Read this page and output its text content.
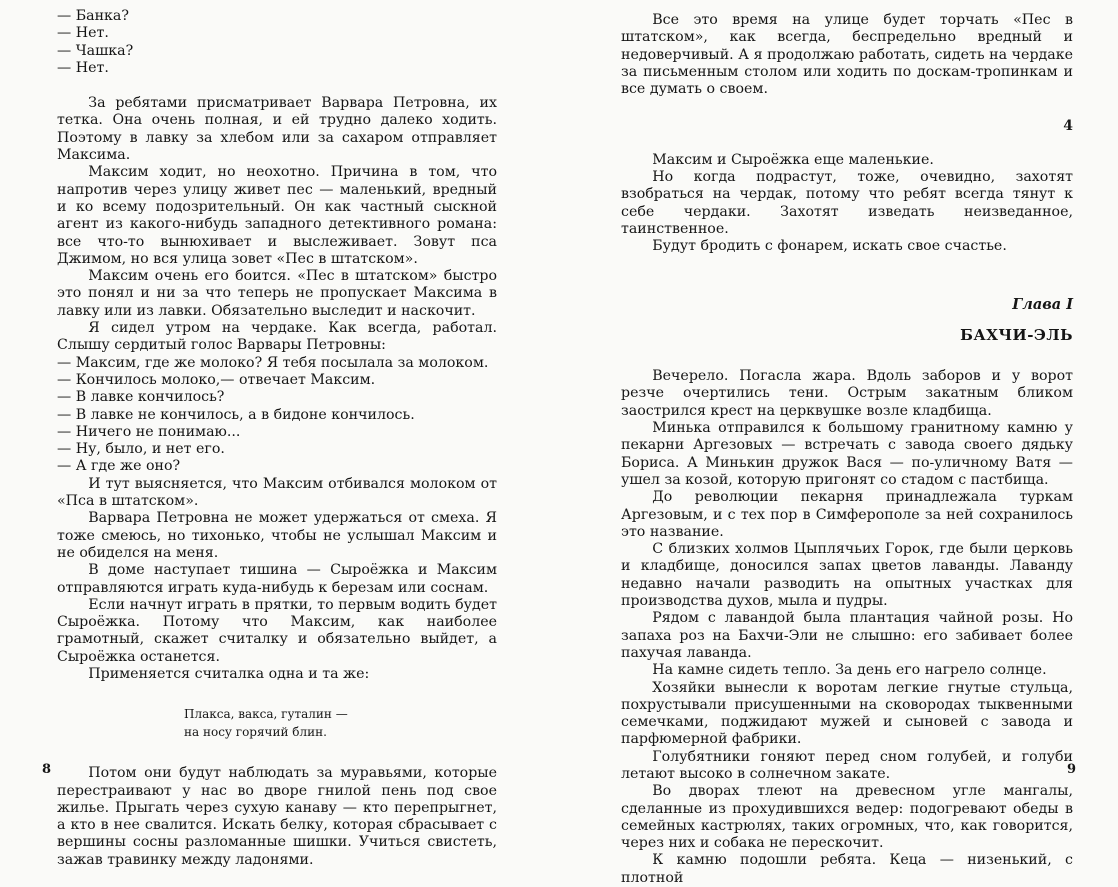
— Банка?

— Нет.

— Чашка?

— Нет.

За ребятами присматривает Варвара Петровна, их тетка. Она очень полная, и ей трудно далеко ходить. Поэтому в лавку за хлебом или за сахаром отправляет Максима.

Максим ходит, но неохотно. Причина в том, что напротив через улицу живет пес — маленький, вредный и ко всему подозрительный. Он как частный сыскной агент из какого-нибудь западного детективного романа: все что-то вынюхивает и выслеживает. Зовут пса Джимом, но вся улица зовет «Пес в штатском».

Максим очень его боится. «Пес в штатском» быстро это понял и ни за что теперь не пропускает Максима в лавку или из лавки. Обязательно выследит и наскочит.

Я сидел утром на чердаке. Как всегда, работал. Слышу сердитый голос Варвары Петровны:

— Максим, где же молоко? Я тебя посылала за молоком.

— Кончилось молоко,— отвечает Максим.

— В лавке кончилось?

— В лавке не кончилось, а в бидоне кончилось.

— Ничего не понимаю...

— Ну, было, и нет его.

— А где же оно?

И тут выясняется, что Максим отбивался молоком от «Пса в штатском».

Варвара Петровна не может удержаться от смеха. Я тоже смеюсь, но тихонько, чтобы не услышал Максим и не обиделся на меня.

В доме наступает тишина — Сыроёжка и Максим отправляются играть куда-нибудь к березам или соснам.

Если начнут играть в прятки, то первым водить будет Сыроёжка. Потому что Максим, как наиболее грамотный, скажет считалку и обязательно выйдет, а Сыроёжка останется.

Применяется считалка одна и та же:

Плакса, вакса, гуталин —
на носу горячий блин.

Потом они будут наблюдать за муравьями, которые перестраивают у нас во дворе гнилой пень под свое жилье. Прыгать через сухую канаву — кто перепрыгнет, а кто в нее свалится. Искать белку, которая сбрасывает с вершины сосны разломанные шишки. Учиться свистеть, зажав травинку между ладонями.

8

Все это время на улице будет торчать «Пес в штатском», как всегда, беспредельно вредный и недоверчивый. А я продолжаю работать, сидеть на чердаке за письменным столом или ходить по доскам-тропинкам и все думать о своем.

4

Максим и Сыроёжка еще маленькие.

Но когда подрастут, тоже, очевидно, захотят взобраться на чердак, потому что ребят всегда тянут к себе чердаки. Захотят изведать неизведанное, таинственное.

Будут бродить с фонарем, искать свое счастье.

Глава I
БАХЧИ-ЭЛЬ

Вечерело. Погасла жара. Вдоль заборов и у ворот резче очертились тени. Острым закатным бликом заострился крест на церквушке возле кладбища.

Минька отправился к большому гранитному камню у пекарни Аргезовых — встречать с завода своего дядьку Бориса. А Минькин дружок Вася — по-уличному Ватя — ушел за козой, которую пригонят со стадом с пастбища.

До революции пекарня принадлежала туркам Аргезовым, и с тех пор в Симферополе за ней сохранилось это название.

С близких холмов Цыплячьих Горок, где были церковь и кладбище, доносился запах цветов лаванды. Лаванду недавно начали разводить на опытных участках для производства духов, мыла и пудры.

Рядом с лавандой была плантация чайной розы. Но запаха роз на Бахчи-Эли не слышно: его забивает более пахучая лаванда.

На камне сидеть тепло. За день его нагрело солнце.

Хозяйки вынесли к воротам легкие гнутые стульца, похрустывали присушенными на сковородах тыквенными семечками, поджидают мужей и сыновей с завода и парфюмерной фабрики.

Голубятники гоняют перед сном голубей, и голуби летают высоко в солнечном закате.

Во дворах тлеют на древесном угле мангалы, сделанные из прохудившихся ведер: подогревают обеды в семейных кастрюлях, таких огромных, что, как говорится, через них и собака не перескочит.

К камню подошли ребята. Кеца — низенький, с плотной

9
